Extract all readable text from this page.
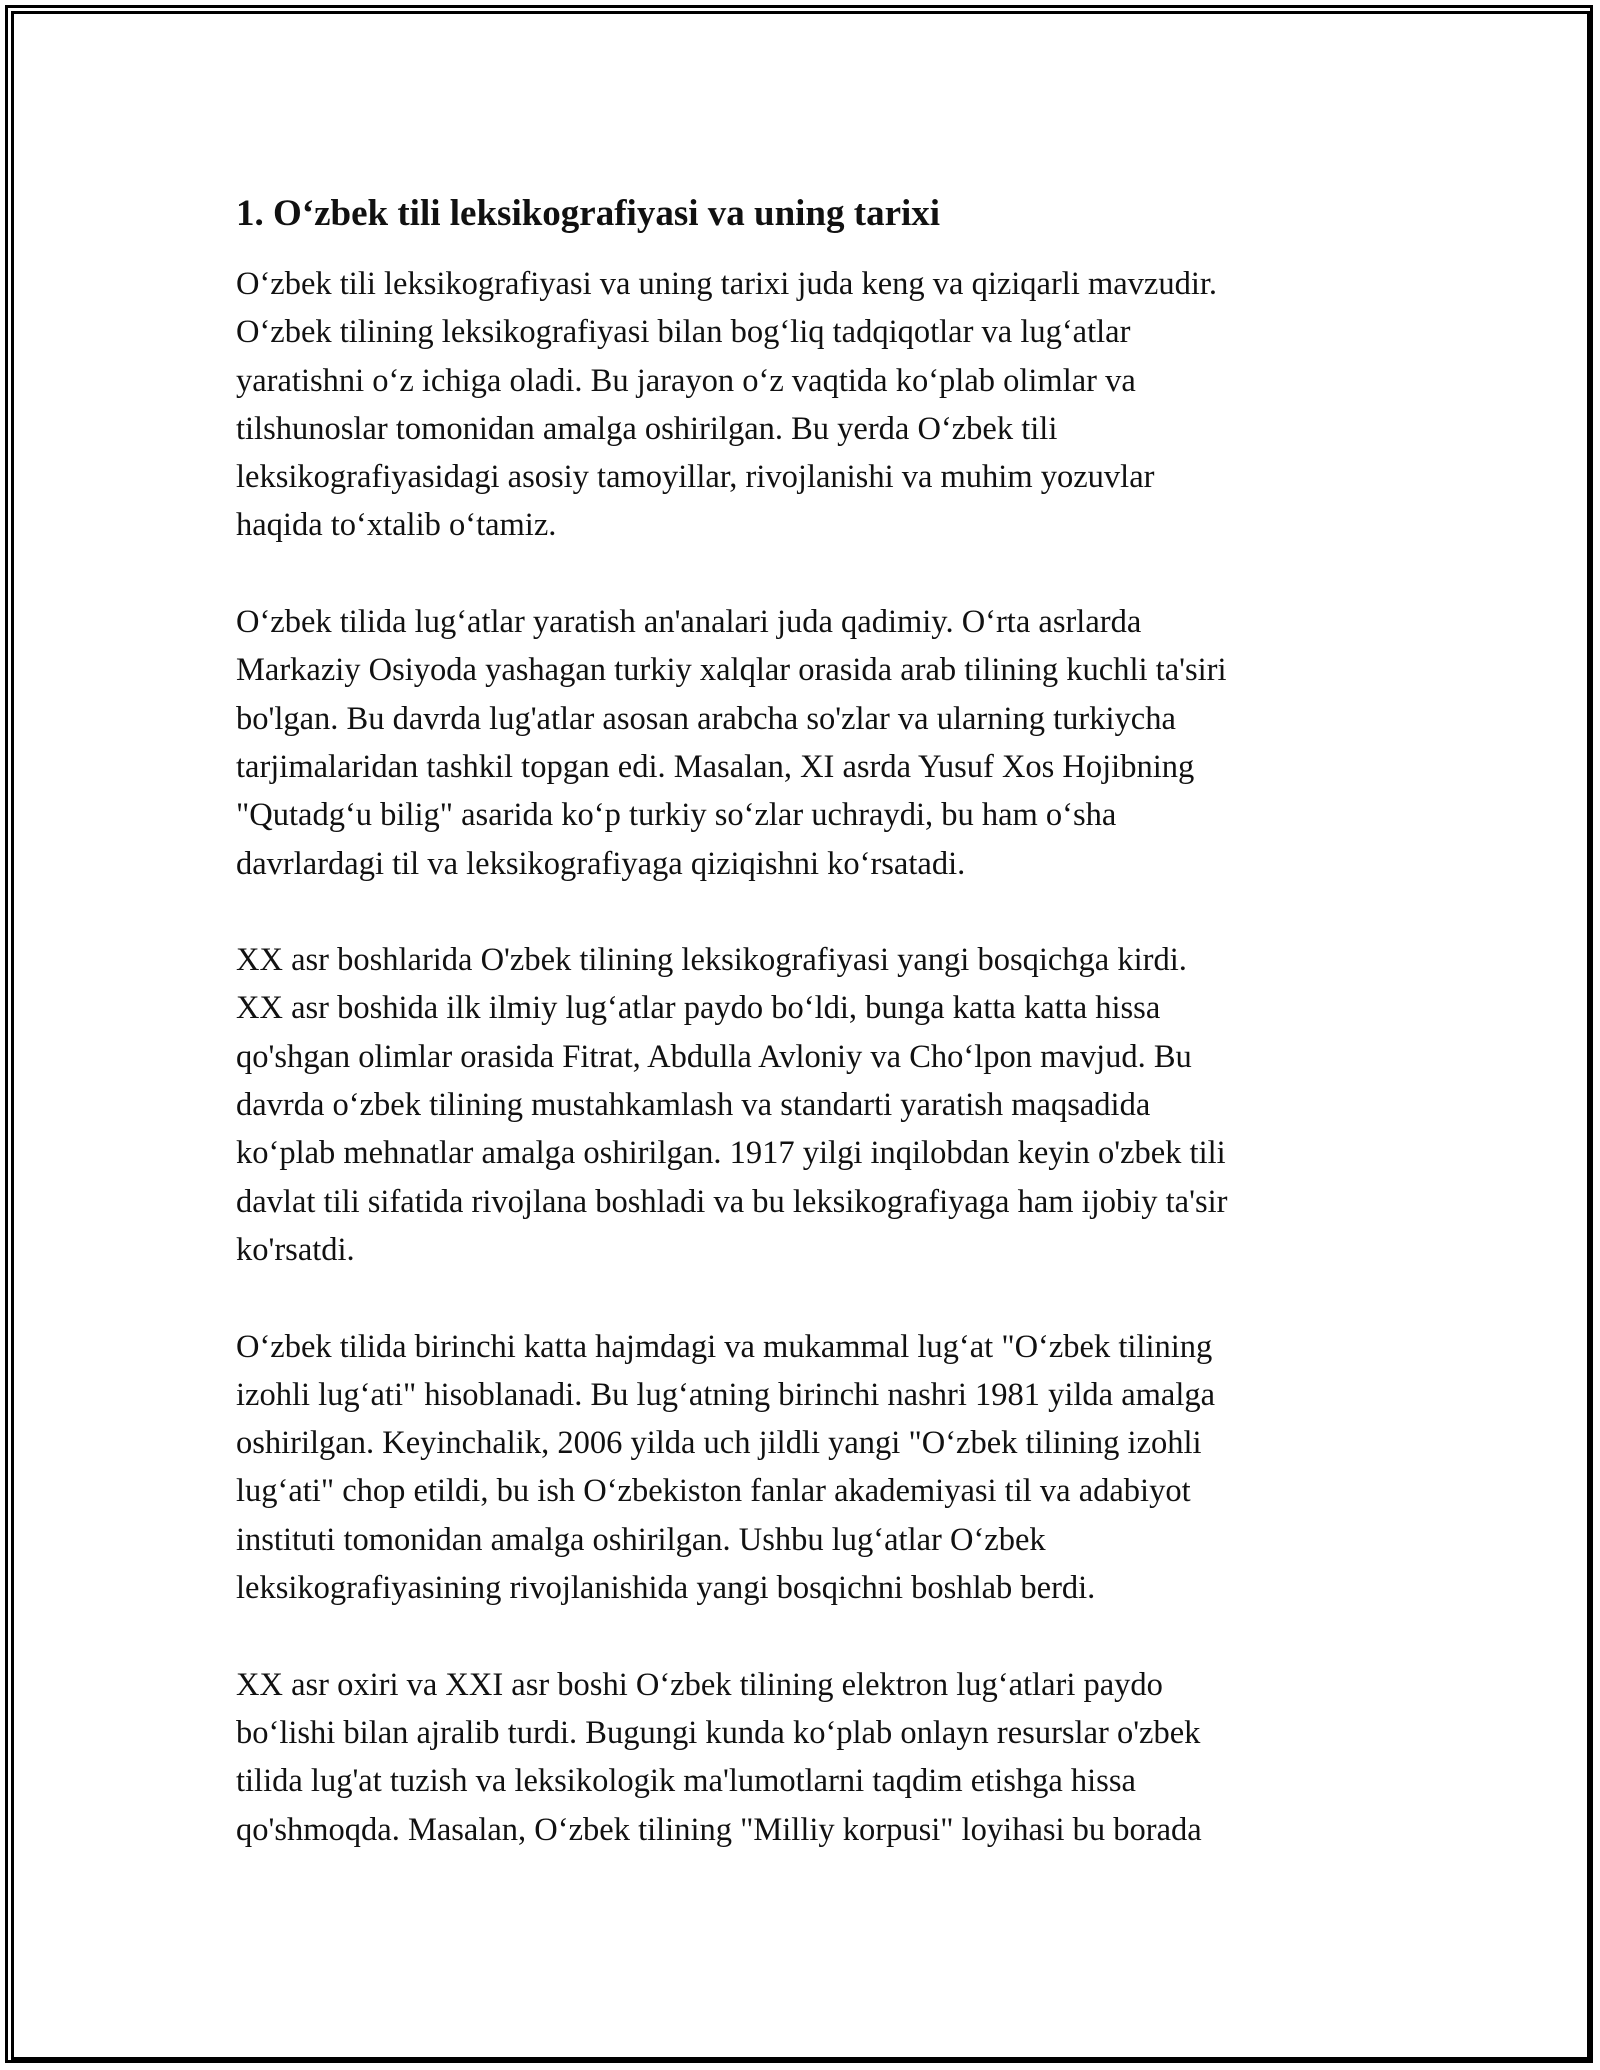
1. O‘zbek tili leksikografiyasi va uning tarixi

O‘zbek tili leksikografiyasi va uning tarixi juda keng va qiziqarli mavzudir.
O‘zbek tilining leksikografiyasi bilan bog‘liq tadqiqotlar va lug‘atlar
yaratishni o‘z ichiga oladi. Bu jarayon o‘z vaqtida ko‘plab olimlar va
tilshunoslar tomonidan amalga oshirilgan. Bu yerda O‘zbek tili
leksikografiyasidagi asosiy tamoyillar, rivojlanishi va muhim yozuvlar
haqida to‘xtalib o‘tamiz.

O‘zbek tilida lug‘atlar yaratish an'analari juda qadimiy. O‘rta asrlarda
Markaziy Osiyoda yashagan turkiy xalqlar orasida arab tilining kuchli ta'siri
bo'lgan. Bu davrda lug'atlar asosan arabcha so'zlar va ularning turkiycha
tarjimalaridan tashkil topgan edi. Masalan, XI asrda Yusuf Xos Hojibning
"Qutadg‘u bilig" asarida ko‘p turkiy so‘zlar uchraydi, bu ham o‘sha
davrlardagi til va leksikografiyaga qiziqishni ko‘rsatadi.

XX asr boshlarida O'zbek tilining leksikografiyasi yangi bosqichga kirdi.
XX asr boshida ilk ilmiy lug‘atlar paydo bo‘ldi, bunga katta katta hissa
qo'shgan olimlar orasida Fitrat, Abdulla Avloniy va Cho‘lpon mavjud. Bu
davrda o‘zbek tilining mustahkamlash va standarti yaratish maqsadida
ko‘plab mehnatlar amalga oshirilgan. 1917 yilgi inqilobdan keyin o'zbek tili
davlat tili sifatida rivojlana boshladi va bu leksikografiyaga ham ijobiy ta'sir
ko'rsatdi.

O‘zbek tilida birinchi katta hajmdagi va mukammal lug‘at "O‘zbek tilining
izohli lug‘ati" hisoblanadi. Bu lug‘atning birinchi nashri 1981 yilda amalga
oshirilgan. Keyinchalik, 2006 yilda uch jildli yangi "O‘zbek tilining izohli
lug‘ati" chop etildi, bu ish O‘zbekiston fanlar akademiyasi til va adabiyot
instituti tomonidan amalga oshirilgan. Ushbu lug‘atlar O‘zbek
leksikografiyasining rivojlanishida yangi bosqichni boshlab berdi.

XX asr oxiri va XXI asr boshi O‘zbek tilining elektron lug‘atlari paydo
bo‘lishi bilan ajralib turdi. Bugungi kunda ko‘plab onlayn resurslar o'zbek
tilida lug'at tuzish va leksikologik ma'lumotlarni taqdim etishga hissa
qo'shmoqda. Masalan, O‘zbek tilining "Milliy korpusi" loyihasi bu borada
